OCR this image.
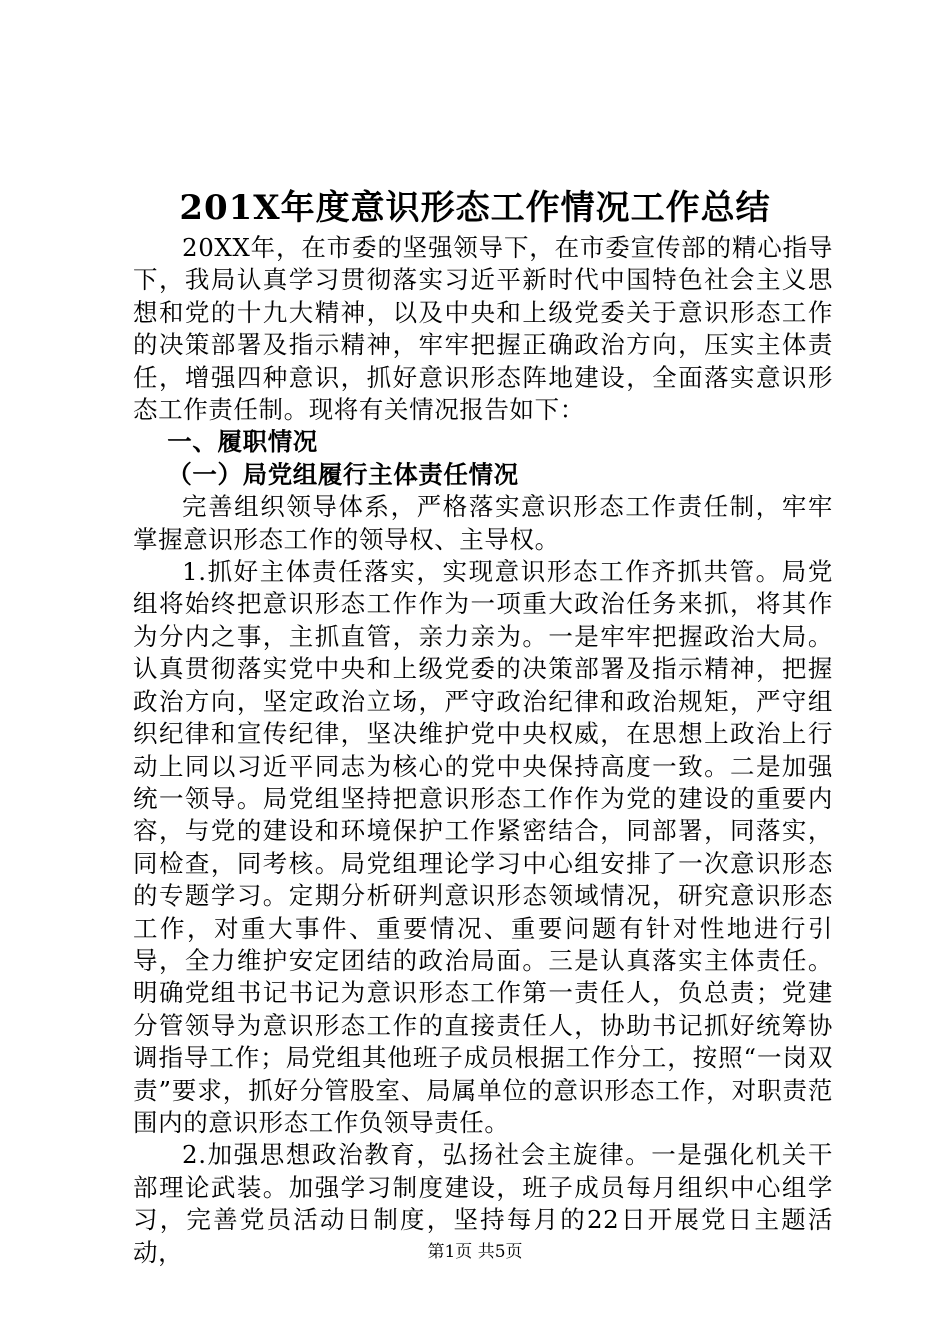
201X年度意识形态工作情况工作总结

20XX年，在市委的坚强领导下，在市委宣传部的精心指导下，我局认真学习贯彻落实习近平新时代中国特色社会主义思想和党的十九大精神，以及中央和上级党委关于意识形态工作的决策部署及指示精神，牢牢把握正确政治方向，压实主体责任，增强四种意识，抓好意识形态阵地建设，全面落实意识形态工作责任制。现将有关情况报告如下：

一、履职情况

（一）局党组履行主体责任情况

完善组织领导体系，严格落实意识形态工作责任制，牢牢掌握意识形态工作的领导权、主导权。

1.抓好主体责任落实，实现意识形态工作齐抓共管。局党组将始终把意识形态工作作为一项重大政治任务来抓，将其作为分内之事，主抓直管，亲力亲为。一是牢牢把握政治大局。认真贯彻落实党中央和上级党委的决策部署及指示精神，把握政治方向，坚定政治立场，严守政治纪律和政治规矩，严守组织纪律和宣传纪律，坚决维护党中央权威，在思想上政治上行动上同以习近平同志为核心的党中央保持高度一致。二是加强统一领导。局党组坚持把意识形态工作作为党的建设的重要内容，与党的建设和环境保护工作紧密结合，同部署，同落实，同检查，同考核。局党组理论学习中心组安排了一次意识形态的专题学习。定期分析研判意识形态领域情况，研究意识形态工作，对重大事件、重要情况、重要问题有针对性地进行引导，全力维护安定团结的政治局面。三是认真落实主体责任。明确党组书记书记为意识形态工作第一责任人，负总责；党建分管领导为意识形态工作的直接责任人，协助书记抓好统筹协调指导工作；局党组其他班子成员根据工作分工，按照“一岗双责”要求，抓好分管股室、局属单位的意识形态工作，对职责范围内的意识形态工作负领导责任。

2.加强思想政治教育，弘扬社会主旋律。一是强化机关干部理论武装。加强学习制度建设，班子成员每月组织中心组学习，完善党员活动日制度，坚持每月的22日开展党日主题活动，	第1页 共5页
